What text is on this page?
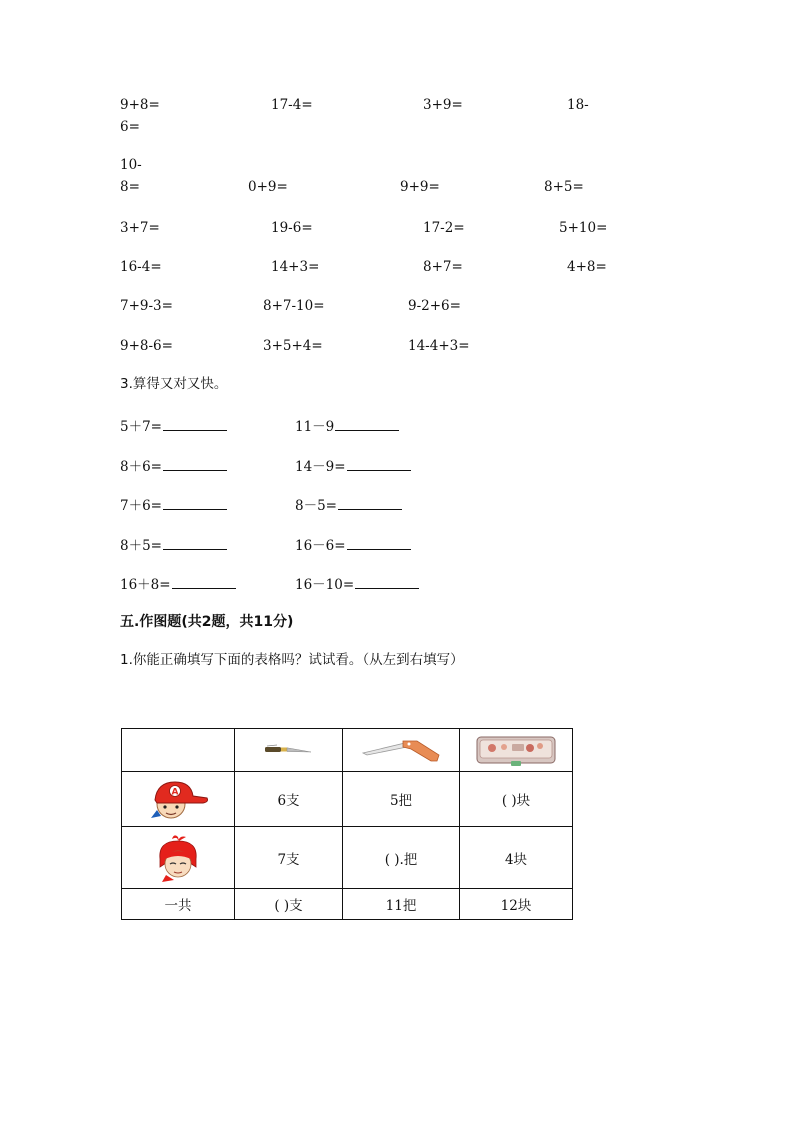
9+8=	17-4=	3+9=	18-
6=
10-
8=	0+9=	9+9=	8+5=
3+7=	19-6=	17-2=	5+10=
16-4=	14+3=	8+7=	4+8=
7+9-3=	8+7-10=	9-2+6=
9+8-6=	3+5+4=	14-4+3=
3.算得又对又快。
5＋7=	11－9
8＋6=	14－9=
7＋6=	8－5=
8＋5=	16－6=
16＋8=	16－10=
五.作图题(共2题，共11分)
1.你能正确填写下面的表格吗？试试看。（从左到右填写）

A	6支	5把	( )块

	7支	( ).把	4块
一共	( )支	11把	12块
